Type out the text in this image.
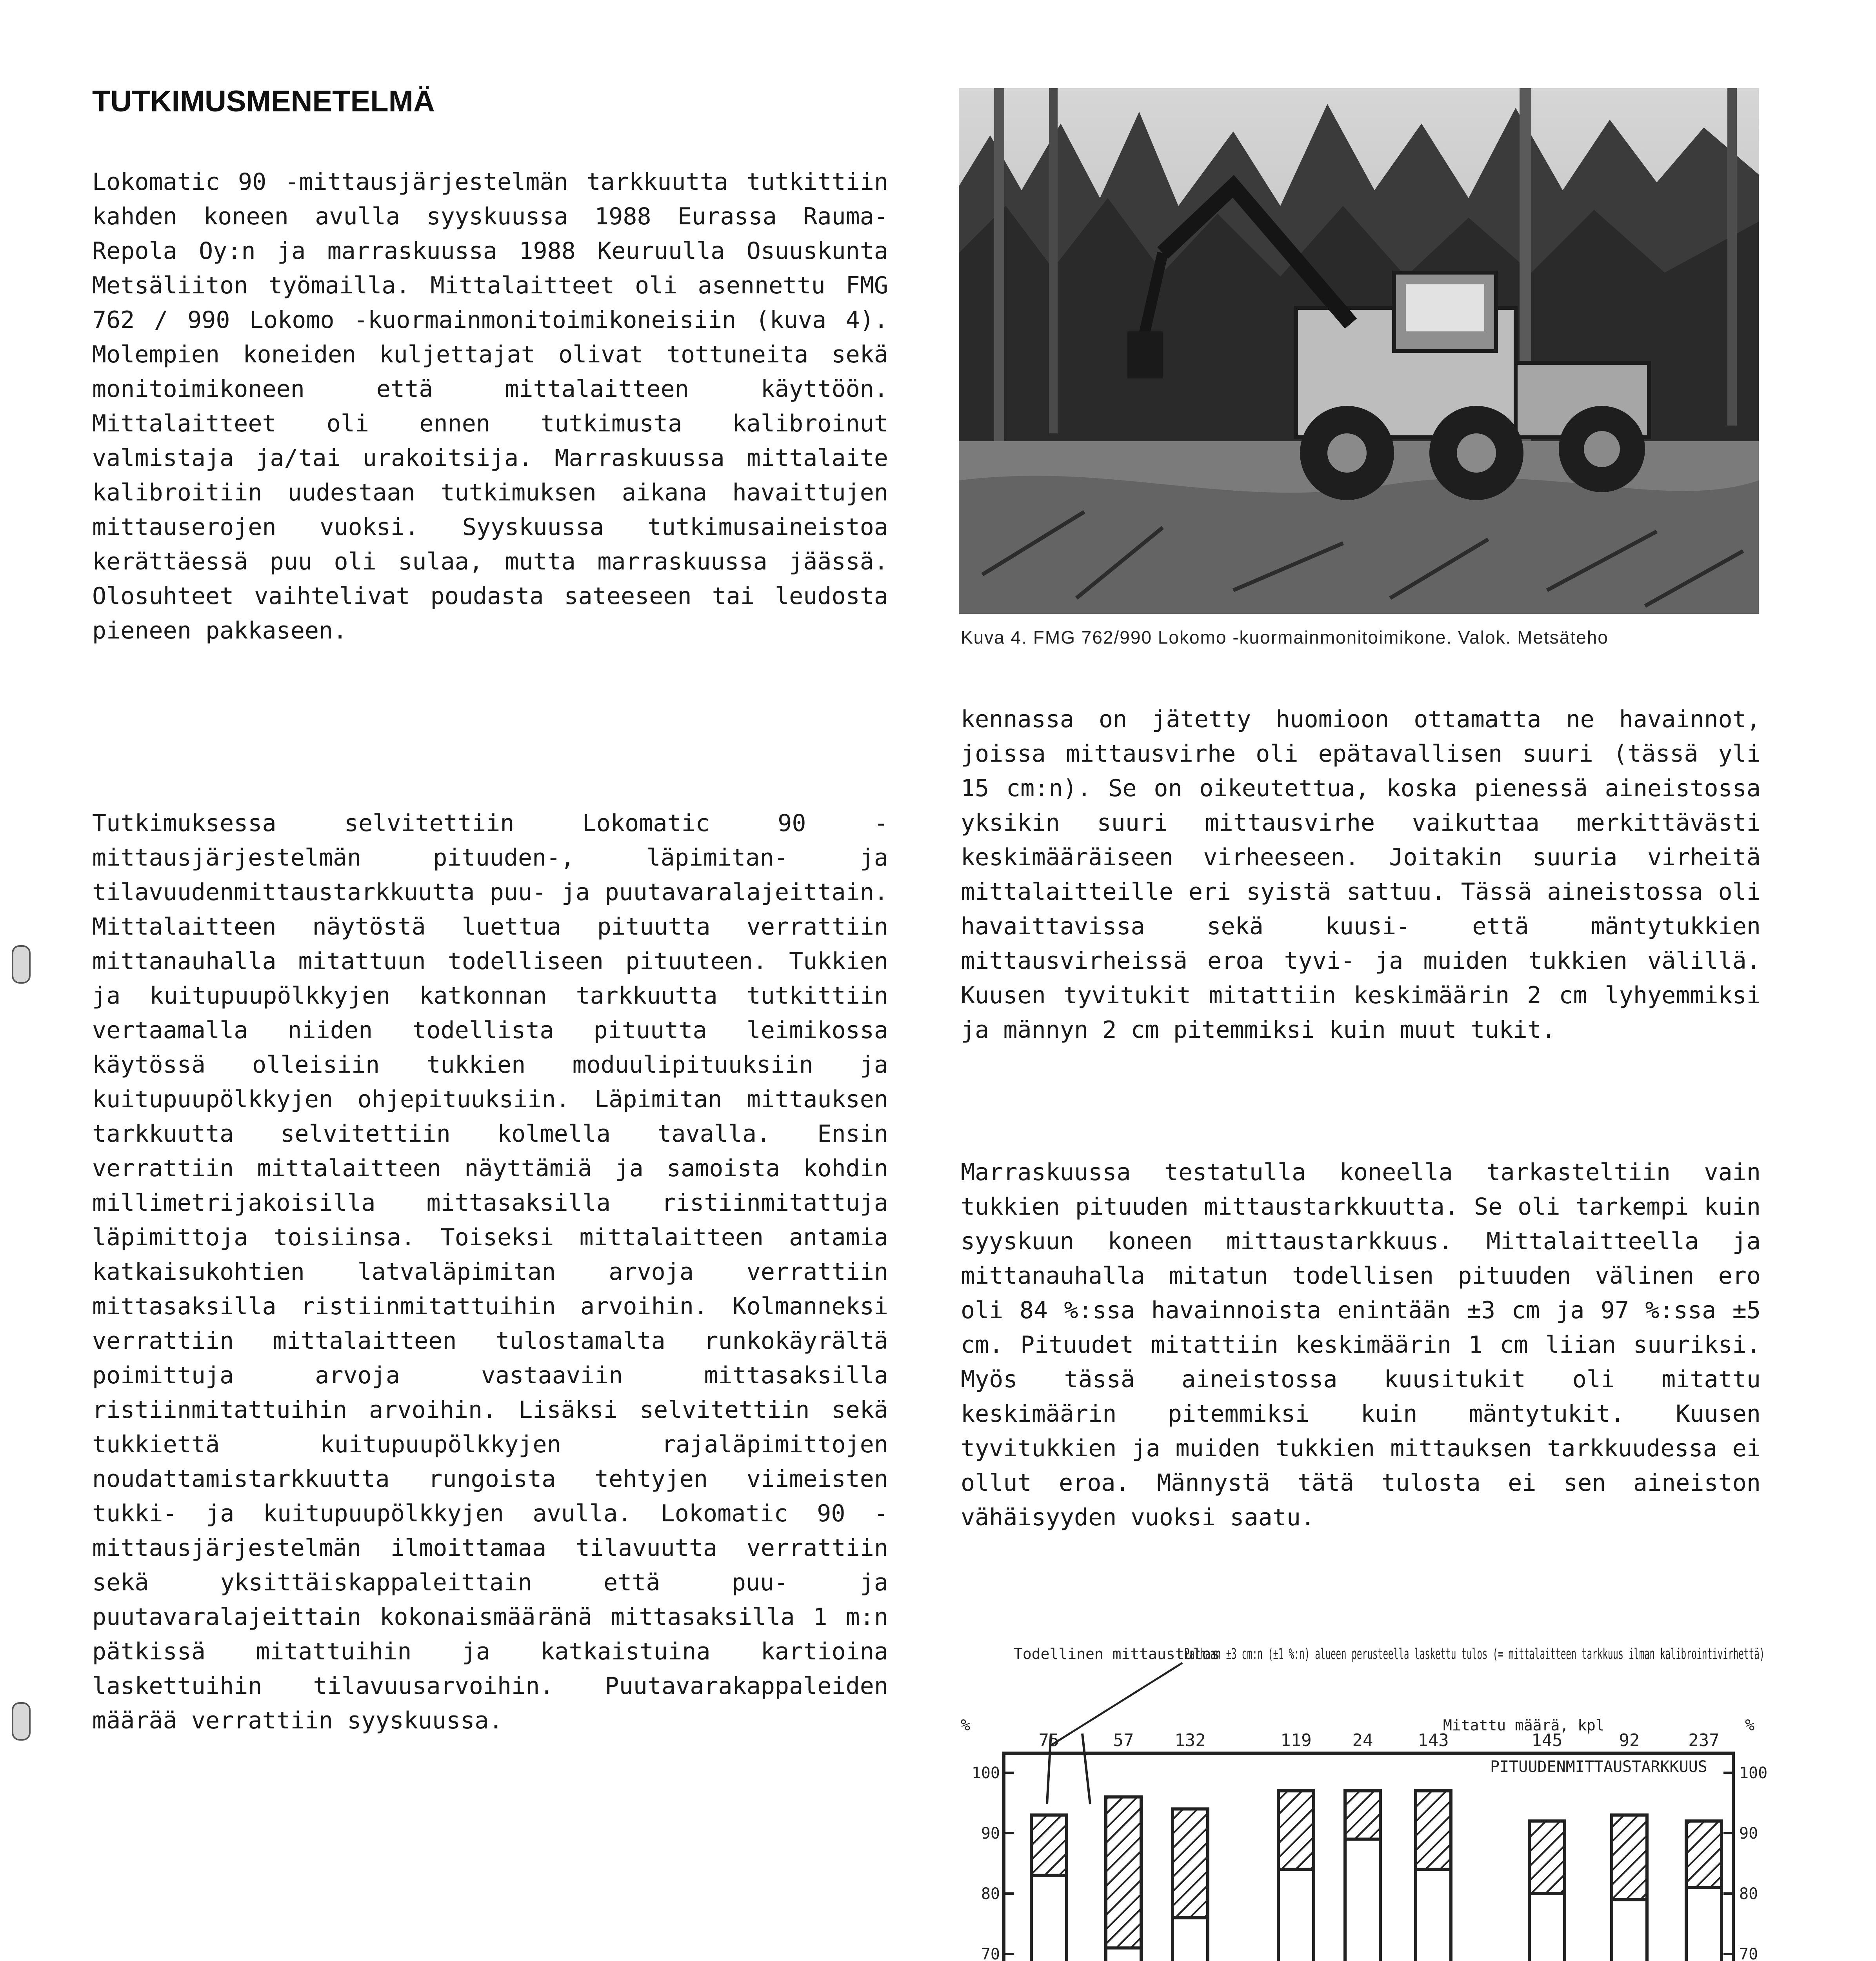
TUTKIMUSMENETELMÄ

Lokomatic 90 -mittausjärjestelmän tarkkuutta tutkittiin kahden koneen avulla syyskuussa 1988 Eurassa Rauma-Repola Oy:n ja marraskuussa 1988 Keuruulla Osuuskunta Metsäliiton työmailla. Mittalaitteet oli asennettu FMG 762 / 990 Lokomo -kuormainmonitoimikoneisiin (kuva 4). Molempien koneiden kuljettajat olivat tottuneita sekä monitoimikoneen että mittalaitteen käyttöön. Mittalaitteet oli ennen tutkimusta kalibroinut valmistaja ja/tai urakoitsija. Marraskuussa mittalaite kalibroitiin uudestaan tutkimuksen aikana havaittujen mittauserojen vuoksi. Syyskuussa tutkimusaineistoa kerättäessä puu oli sulaa, mutta marraskuussa jäässä. Olosuhteet vaihtelivat poudasta sateeseen tai leudosta pieneen pakkaseen.

Tutkimuksessa selvitettiin Lokomatic 90 -mittausjärjestelmän pituuden-, läpimitan- ja tilavuudenmittaustarkkuutta puu- ja puutavaralajeittain. Mittalaitteen näytöstä luettua pituutta verrattiin mittanauhalla mitattuun todelliseen pituuteen. Tukkien ja kuitupuupölkkyjen katkonnan tarkkuutta tutkittiin vertaamalla niiden todellista pituutta leimikossa käytössä olleisiin tukkien moduulipituuksiin ja kuitupuupölkkyjen ohjepituuksiin. Läpimitan mittauksen tarkkuutta selvitettiin kolmella tavalla. Ensin verrattiin mittalaitteen näyttämiä ja samoista kohdin millimetrijakoisilla mittasaksilla ristiinmitattuja läpimittoja toisiinsa. Toiseksi mittalaitteen antamia katkaisukohtien latvaläpimitan arvoja verrattiin mittasaksilla ristiinmitattuihin arvoihin. Kolmanneksi verrattiin mittalaitteen tulostamalta runkokäyrältä poimittuja arvoja vastaaviin mittasaksilla ristiinmitattuihin arvoihin. Lisäksi selvitettiin sekä tukkiettä kuitupuupölkkyjen rajaläpimittojen noudattamistarkkuutta rungoista tehtyjen viimeisten tukki- ja kuitupuupölkkyjen avulla. Lokomatic 90 -mittausjärjestelmän ilmoittamaa tilavuutta verrattiin sekä yksittäiskappaleittain että puu- ja puutavaralajeittain kokonaismääränä mittasaksilla 1 m:n pätkissä mitattuihin ja katkaistuina kartioina laskettuihin tilavuusarvoihin. Puutavarakappaleiden määrää verrattiin syyskuussa.

Kuva 4. FMG 762/990 Lokomo -kuormainmonitoimikone. Valok. Metsäteho

kennassa on jätetty huomioon ottamatta ne havainnot, joissa mittausvirhe oli epätavallisen suuri (tässä yli 15 cm:n). Se on oikeutettua, koska pienessä aineistossa yksikin suuri mittausvirhe vaikuttaa merkittävästi keskimääräiseen virheeseen. Joitakin suuria virheitä mittalaitteille eri syistä sattuu. Tässä aineistossa oli havaittavissa sekä kuusi- että mäntytukkien mittausvirheissä eroa tyvi- ja muiden tukkien välillä. Kuusen tyvitukit mitattiin keskimäärin 2 cm lyhyemmiksi ja männyn 2 cm pitemmiksi kuin muut tukit.

Marraskuussa testatulla koneella tarkasteltiin vain tukkien pituuden mittaustarkkuutta. Se oli tarkempi kuin syyskuun koneen mittaustarkkuus. Mittalaitteella ja mittanauhalla mitatun todellisen pituuden välinen ero oli 84 %:ssa havainnoista enintään ±3 cm ja 97 %:ssa ±5 cm. Pituudet mitattiin keskimäärin 1 cm liian suuriksi. Myös tässä aineistossa kuusitukit oli mitattu keskimäärin pitemmiksi kuin mäntytukit. Kuusen tyvitukkien ja muiden tukkien mittauksen tarkkuudessa ei ollut eroa. Männystä tätä tulosta ei sen aineiston vähäisyyden vuoksi saatu.

Todellinen mittaustulos
Parhaan ±3 cm:n (±1 %:n) alueen perusteella laskettu tulos (= mittalaitteen tarkkuus ilman kalibrointivirhettä)
Mitattu määrä, kpl
%	%
PITUUDENMITTAUSTARKKUUS
100
90
80
70
100
90
80
70
75	57 132	119 24	143	145	92	237
